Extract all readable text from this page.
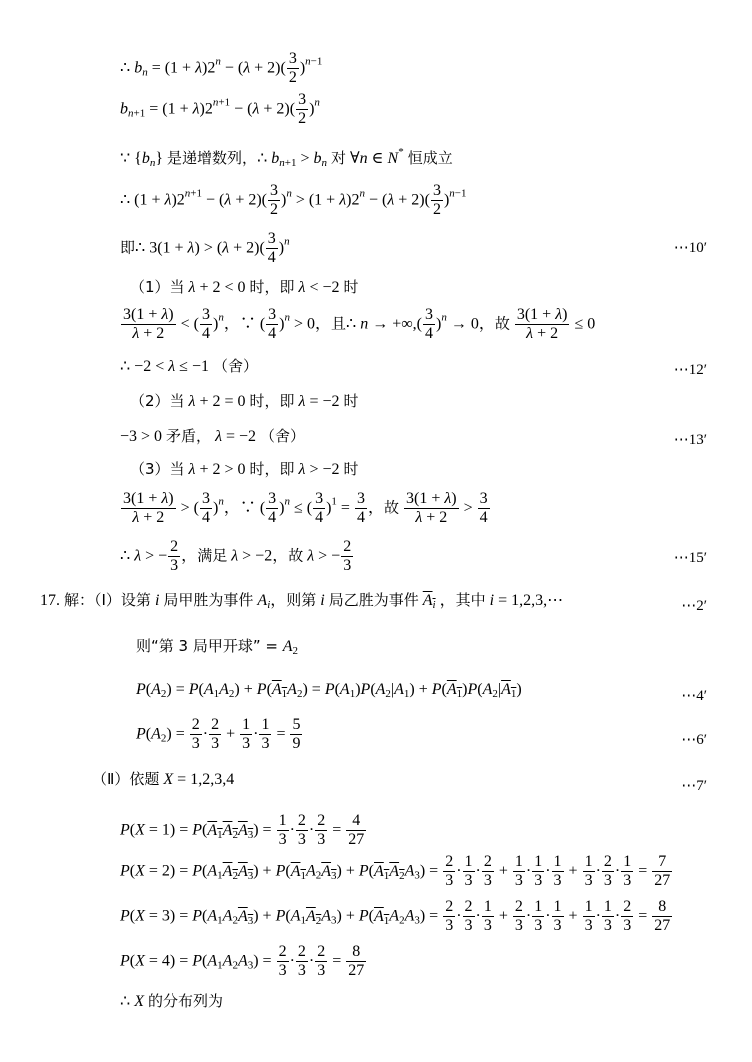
∴ $b_n = (1 + \lambda)2^n - (\lambda + 2)( \frac{3}{2} )^{n-1}$
$b_{n+1} = (1 + \lambda)2^{n+1} - (\lambda + 2)( \frac{3}{2} )^n$
∵ $\{b_n\}$ 是递增数列，∴ $b_{n+1} > b_n$ 对 ∀n ∈ N* 恒成立
∴ $(1 + \lambda)2^{n+1} - (\lambda + 2)( \frac{3}{2} )^n > (1 + \lambda)2^n - (\lambda + 2)( \frac{3}{2} )^{n-1}$
即∴ $3(1 + \lambda) > (\lambda + 2)( \frac{3}{4} )^n$	⋯10′
（1）当 λ + 2 < 0 时，即 λ < −2 时
$\frac{3(1 + \lambda)}{\lambda + 2}$ < ( $\frac{3}{4} )^n$，∵ ( $\frac{3}{4} )^n > 0$，且∴ n → +∞,( $\frac{3}{4} )^n \to 0$，故 $\frac{3(1 + \lambda)}{\lambda + 2} \le 0$
∴ −2 < λ ≤ −1 （舍）	⋯12′
（2）当 λ + 2 = 0 时，即 λ = −2 时
−3 > 0 矛盾， λ = −2 （舍）	⋯13′
（3）当 λ + 2 > 0 时，即 λ > −2 时
$\frac{3(1 + \lambda)}{\lambda + 2}$ > ( $\frac{3}{4} )^n$，∵ ( $\frac{3}{4} )^n$ ≤ ( $\frac{3}{4} )^1 = \frac{3}{4}$ ，故 $\frac{3(1 + \lambda)}{\lambda + 2} > \frac{3}{4}$
∴ λ > − $\frac{2}{3}$ ，满足 λ > −2，故 λ > − $\frac{2}{3}$	⋯15′
17. 解：（Ⅰ）设第 i 局甲胜为事件 $A_i$，则第 i 局乙胜为事件 $A_i$ ，其中 i = 1,2,3,⋯	⋯2′
则“第 3 局甲开球” = $A_2$
$P(A_2) = P(A_1A_2) + P(A_1A_2) = P(A_1)P(A_2|A_1) + P(A_1)P(A_2|A_1)$	⋯4′
$P(A_2) = \frac{2}{3} \cdot \frac{2}{3} + \frac{1}{3} \cdot \frac{1}{3} = \frac{5}{9}$	⋯6′
（Ⅱ）依题 X = 1,2,3,4	⋯7′
$P(X = 1) = P(A_1A_2A_3) = \frac{1}{3} \cdot \frac{2}{3} \cdot \frac{2}{3} = \frac{4}{27}$
$P(X = 2) = P(A_1A_2A_3) + P(A_1A_2A_3) + P(A_1A_2A_3) = \frac{2}{3} \cdot \frac{1}{3} \cdot \frac{2}{3} + \frac{1}{3} \cdot \frac{1}{3} \cdot \frac{1}{3} + \frac{1}{3} \cdot \frac{2}{3} \cdot \frac{1}{3} = \frac{7}{27}$
$P(X = 3) = P(A_1A_2A_3) + P(A_1A_2A_3) + P(A_1A_2A_3) = \frac{2}{3} \cdot \frac{2}{3} \cdot \frac{1}{3} + \frac{2}{3} \cdot \frac{1}{3} \cdot \frac{1}{3} + \frac{1}{3} \cdot \frac{1}{3} \cdot \frac{2}{3} = \frac{8}{27}$
$P(X = 4) = P(A_1A_2A_3) = \frac{2}{3} \cdot \frac{2}{3} \cdot \frac{2}{3} = \frac{8}{27}$
∴ X 的分布列为
